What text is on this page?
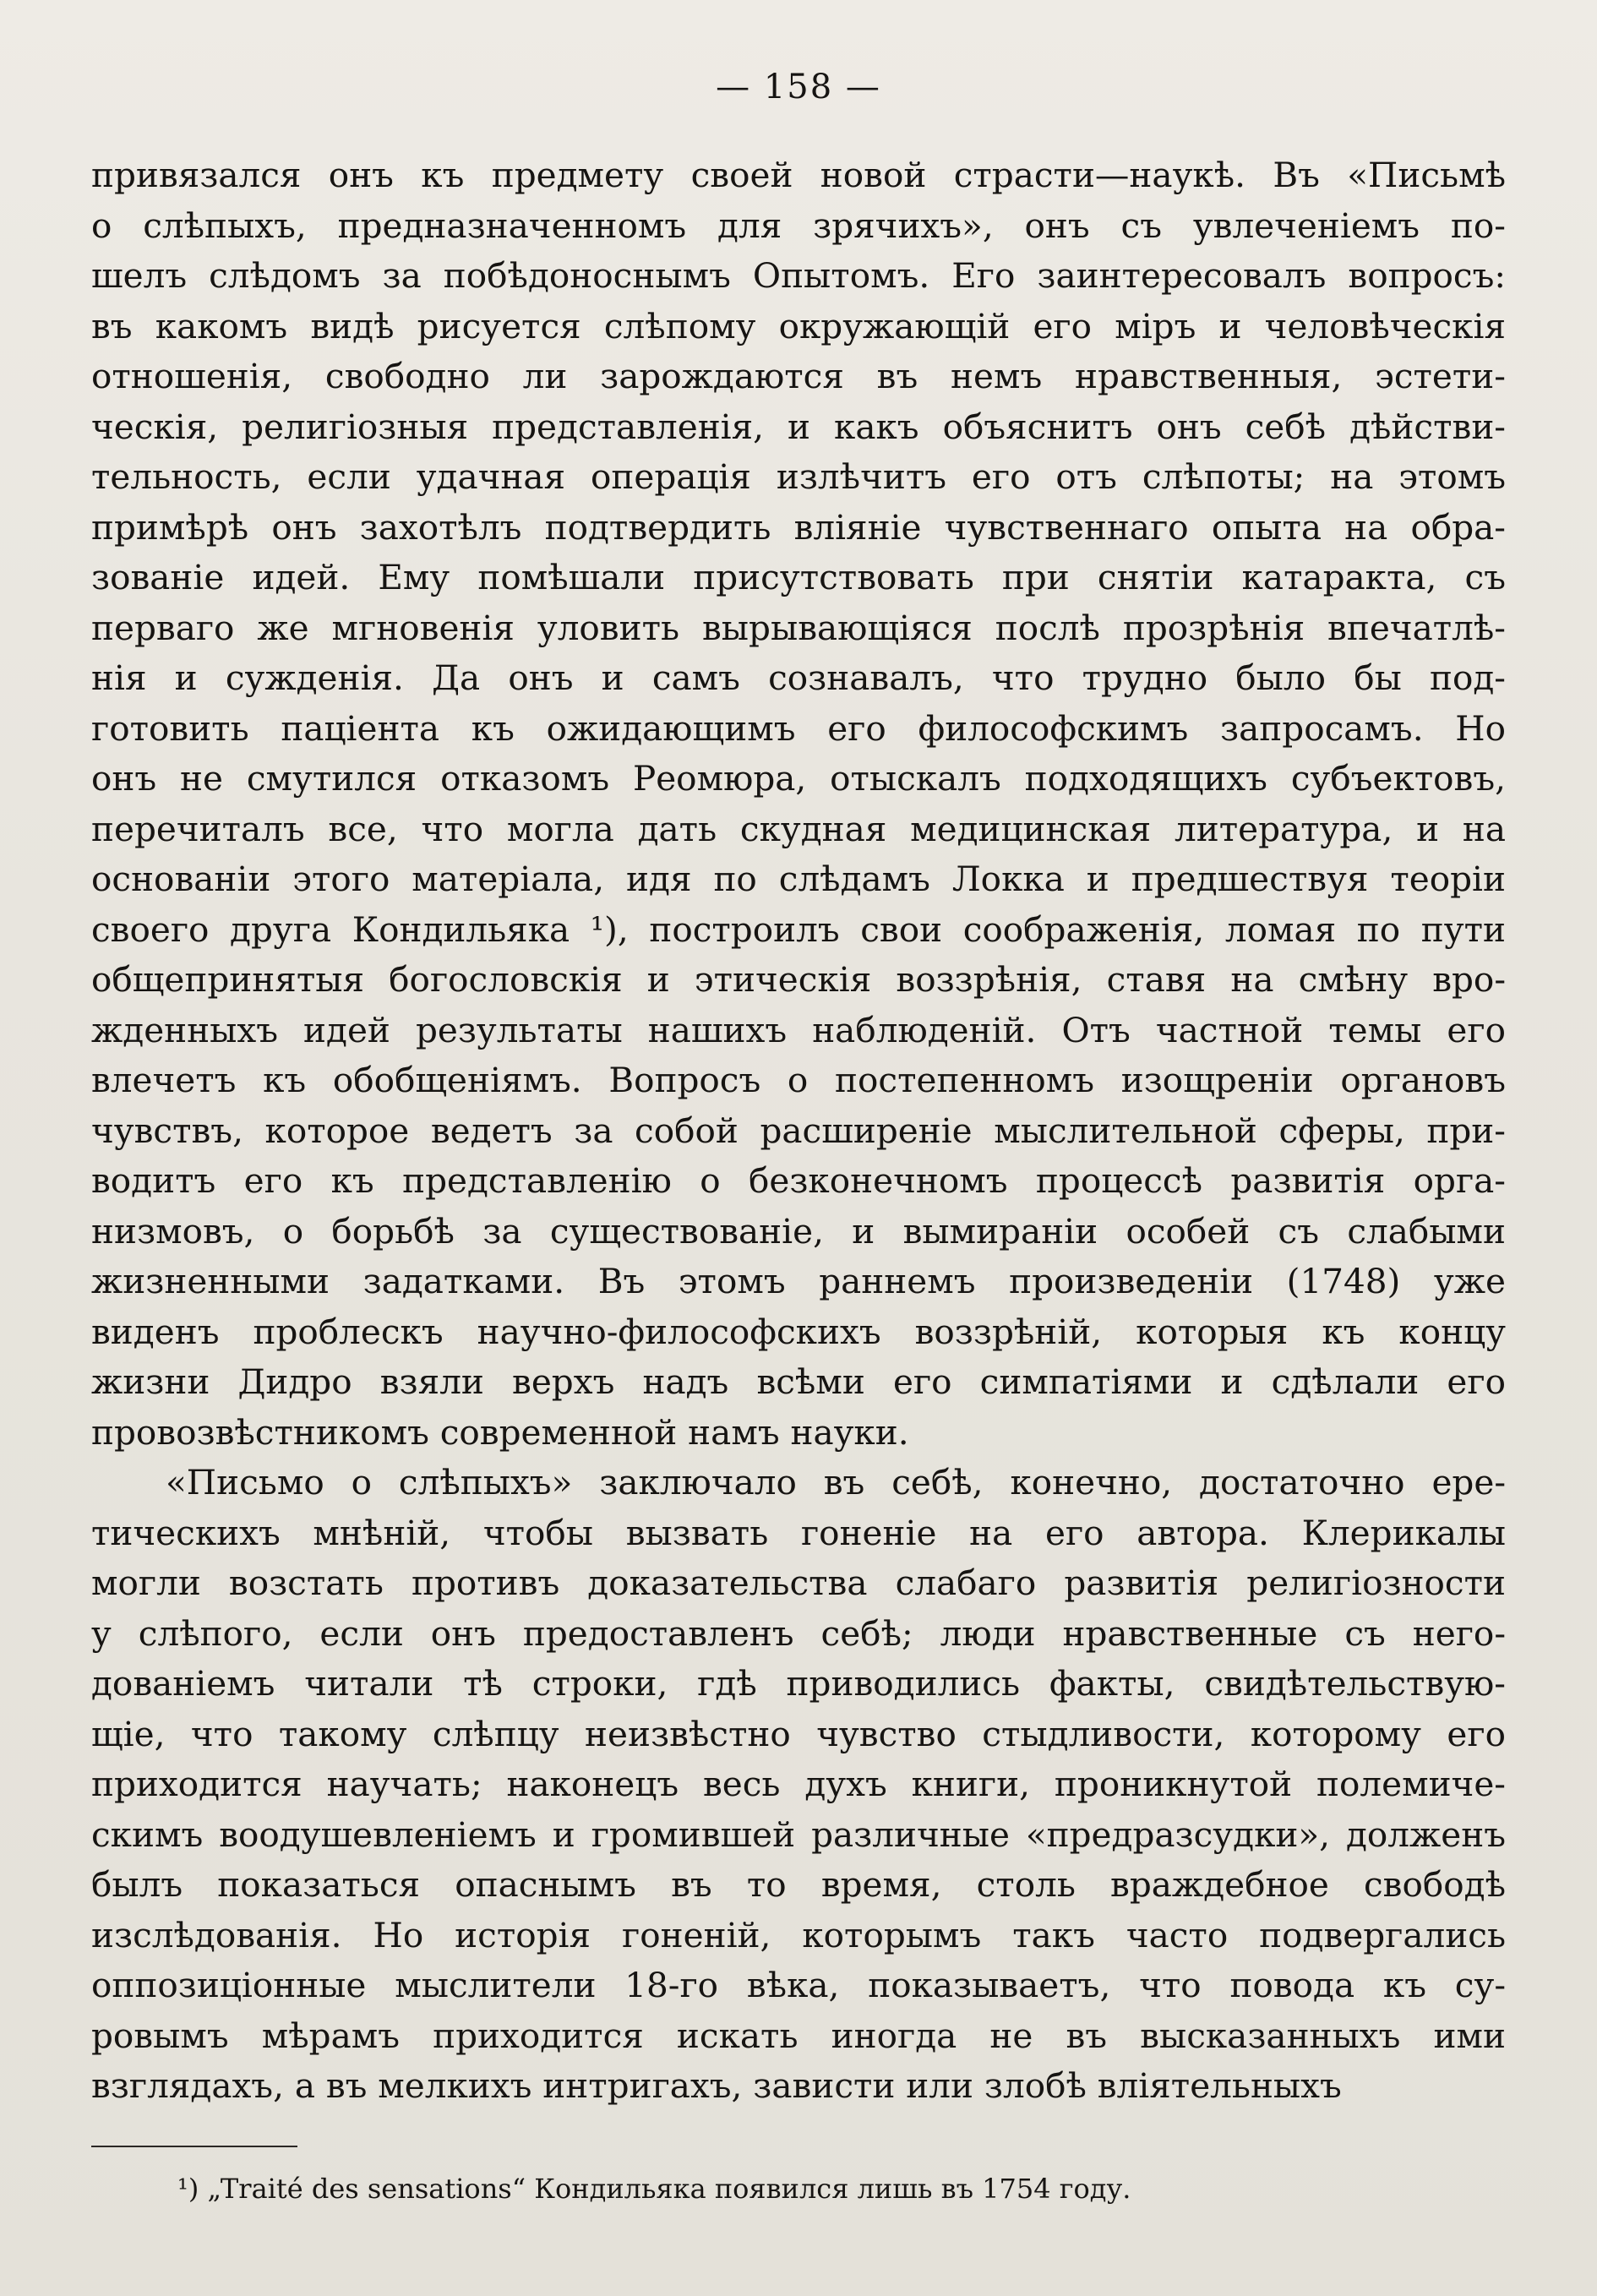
— 158 —
привязался онъ къ предмету своей новой страсти—наукѣ. Въ «Письмѣ
о слѣпыхъ, предназначенномъ для зрячихъ», онъ съ увлеченіемъ по-
шелъ слѣдомъ за побѣдоноснымъ Опытомъ. Его заинтересовалъ вопросъ:
въ какомъ видѣ рисуется слѣпому окружающій его міръ и человѣческія
отношенія, свободно ли зарождаются въ немъ нравственныя, эстети-
ческія, религіозныя представленія, и какъ объяснитъ онъ себѣ дѣйстви-
тельность, если удачная операція излѣчитъ его отъ слѣпоты; на этомъ
примѣрѣ онъ захотѣлъ подтвердить вліяніе чувственнаго опыта на обра-
зованіе идей. Ему помѣшали присутствовать при снятіи катаракта, съ
перваго же мгновенія уловить вырывающіяся послѣ прозрѣнія впечатлѣ-
нія и сужденія. Да онъ и самъ сознавалъ, что трудно было бы под-
готовить паціента къ ожидающимъ его философскимъ запросамъ. Но
онъ не смутился отказомъ Реомюра, отыскалъ подходящихъ субъектовъ,
перечиталъ все, что могла дать скудная медицинская литература, и на
основаніи этого матеріала, идя по слѣдамъ Локка и предшествуя теоріи
своего друга Кондильяка ¹), построилъ свои соображенія, ломая по пути
общепринятыя богословскія и этическія воззрѣнія, ставя на смѣну вро-
жденныхъ идей результаты нашихъ наблюденій. Отъ частной темы его
влечетъ къ обобщеніямъ. Вопросъ о постепенномъ изощреніи органовъ
чувствъ, которое ведетъ за собой расширеніе мыслительной сферы, при-
водитъ его къ представленію о безконечномъ процессѣ развитія орга-
низмовъ, о борьбѣ за существованіе, и вымираніи особей съ слабыми
жизненными задатками. Въ этомъ раннемъ произведеніи (1748) уже
виденъ проблескъ научно-философскихъ воззрѣній, которыя къ концу
жизни Дидро взяли верхъ надъ всѣми его симпатіями и сдѣлали его
провозвѣстникомъ современной намъ науки.
«Письмо о слѣпыхъ» заключало въ себѣ, конечно, достаточно ере-
тическихъ мнѣній, чтобы вызвать гоненіе на его автора. Клерикалы
могли возстать противъ доказательства слабаго развитія религіозности
у слѣпого, если онъ предоставленъ себѣ; люди нравственные съ него-
дованіемъ читали тѣ строки, гдѣ приводились факты, свидѣтельствую-
щіе, что такому слѣпцу неизвѣстно чувство стыдливости, которому его
приходится научать; наконецъ весь духъ книги, проникнутой полемиче-
скимъ воодушевленіемъ и громившей различные «предразсудки», долженъ
былъ показаться опаснымъ въ то время, столь враждебное свободѣ
изслѣдованія. Но исторія гоненій, которымъ такъ часто подвергались
оппозиціонные мыслители 18-го вѣка, показываетъ, что повода къ су-
ровымъ мѣрамъ приходится искать иногда не въ высказанныхъ ими
взглядахъ, а въ мелкихъ интригахъ, зависти или злобѣ вліятельныхъ
¹) „Traité des sensations“ Кондильяка появился лишь въ 1754 году.
